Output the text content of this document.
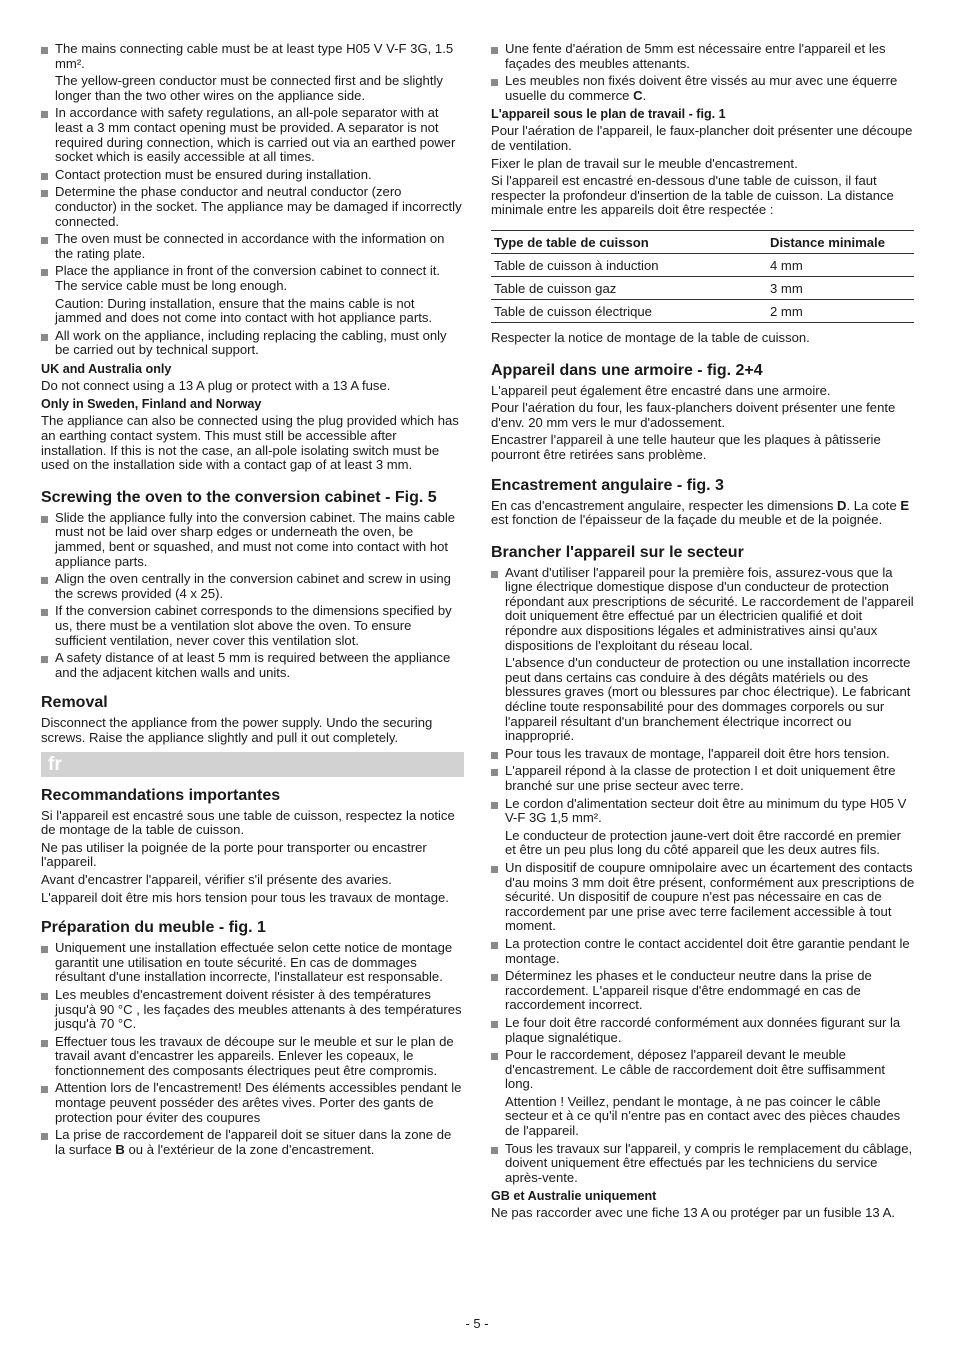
The mains connecting cable must be at least type H05 V V-F 3G, 1.5 mm².

The yellow-green conductor must be connected first and be slightly longer than the two other wires on the appliance side.

In accordance with safety regulations, an all-pole separator with at least a 3 mm contact opening must be provided. A separator is not required during connection, which is carried out via an earthed power socket which is easily accessible at all times.

Contact protection must be ensured during installation.

Determine the phase conductor and neutral conductor (zero conductor) in the socket. The appliance may be damaged if incorrectly connected.

The oven must be connected in accordance with the information on the rating plate.

Place the appliance in front of the conversion cabinet to connect it. The service cable must be long enough.

Caution: During installation, ensure that the mains cable is not jammed and does not come into contact with hot appliance parts.

All work on the appliance, including replacing the cabling, must only be carried out by technical support.

UK and Australia only

Do not connect using a 13 A plug or protect with a 13 A fuse.

Only in Sweden, Finland and Norway

The appliance can also be connected using the plug provided which has an earthing contact system. This must still be accessible after installation. If this is not the case, an all-pole isolating switch must be used on the installation side with a contact gap of at least 3 mm.

Screwing the oven to the conversion cabinet - Fig. 5

Slide the appliance fully into the conversion cabinet. The mains cable must not be laid over sharp edges or underneath the oven, be jammed, bent or squashed, and must not come into contact with hot appliance parts.

Align the oven centrally in the conversion cabinet and screw in using the screws provided (4 x 25).

If the conversion cabinet corresponds to the dimensions specified by us, there must be a ventilation slot above the oven. To ensure sufficient ventilation, never cover this ventilation slot.

A safety distance of at least 5 mm is required between the appliance and the adjacent kitchen walls and units.

Removal

Disconnect the appliance from the power supply. Undo the securing screws. Raise the appliance slightly and pull it out completely.

fr
Recommandations importantes

Si l'appareil est encastré sous une table de cuisson, respectez la notice de montage de la table de cuisson.

Ne pas utiliser la poignée de la porte pour transporter ou encastrer l'appareil.

Avant d'encastrer l'appareil, vérifier s'il présente des avaries.

L'appareil doit être mis hors tension pour tous les travaux de montage.

Préparation du meuble - fig. 1

Uniquement une installation effectuée selon cette notice de montage garantit une utilisation en toute sécurité. En cas de dommages résultant d'une installation incorrecte, l'installateur est responsable.

Les meubles d'encastrement doivent résister à des températures jusqu'à 90 °C , les façades des meubles attenants à des températures jusqu'à 70 °C.

Effectuer tous les travaux de découpe sur le meuble et sur le plan de travail avant d'encastrer les appareils. Enlever les copeaux, le fonctionnement des composants électriques peut être compromis.

Attention lors de l'encastrement! Des éléments accessibles pendant le montage peuvent posséder des arêtes vives. Porter des gants de protection pour éviter des coupures

La prise de raccordement de l'appareil doit se situer dans la zone de la surface B ou à l'extérieur de la zone d'encastrement.

Une fente d'aération de 5mm est nécessaire entre l'appareil et les façades des meubles attenants.

Les meubles non fixés doivent être vissés au mur avec une équerre usuelle du commerce C.

L'appareil sous le plan de travail - fig. 1

Pour l'aération de l'appareil, le faux-plancher doit présenter une découpe de ventilation.

Fixer le plan de travail sur le meuble d'encastrement.

Si l'appareil est encastré en-dessous d'une table de cuisson, il faut respecter la profondeur d'insertion de la table de cuisson. La distance minimale entre les appareils doit être respectée :

Type de table de cuisson	Distance minimale
Table de cuisson à induction	4 mm
Table de cuisson gaz	3 mm
Table de cuisson électrique	2 mm

Respecter la notice de montage de la table de cuisson.

Appareil dans une armoire - fig. 2+4

L'appareil peut également être encastré dans une armoire.

Pour l'aération du four, les faux-planchers doivent présenter une fente d'env. 20 mm vers le mur d'adossement.

Encastrer l'appareil à une telle hauteur que les plaques à pâtisserie pourront être retirées sans problème.

Encastrement angulaire - fig. 3

En cas d'encastrement angulaire, respecter les dimensions D. La cote E est fonction de l'épaisseur de la façade du meuble et de la poignée.

Brancher l'appareil sur le secteur

Avant d'utiliser l'appareil pour la première fois, assurez-vous que la ligne électrique domestique dispose d'un conducteur de protection répondant aux prescriptions de sécurité. Le raccordement de l'appareil doit uniquement être effectué par un électricien qualifié et doit répondre aux dispositions légales et administratives ainsi qu'aux dispositions de l'exploitant du réseau local.

L'absence d'un conducteur de protection ou une installation incorrecte peut dans certains cas conduire à des dégâts matériels ou des blessures graves (mort ou blessures par choc électrique). Le fabricant décline toute responsabilité pour des dommages corporels ou sur l'appareil résultant d'un branchement électrique incorrect ou inapproprié.

Pour tous les travaux de montage, l'appareil doit être hors tension.

L'appareil répond à la classe de protection I et doit uniquement être branché sur une prise secteur avec terre.

Le cordon d'alimentation secteur doit être au minimum du type H05 V V-F 3G 1,5 mm².

Le conducteur de protection jaune-vert doit être raccordé en premier et être un peu plus long du côté appareil que les deux autres fils.

Un dispositif de coupure omnipolaire avec un écartement des contacts d'au moins 3 mm doit être présent, conformément aux prescriptions de sécurité. Un dispositif de coupure n'est pas nécessaire en cas de raccordement par une prise avec terre facilement accessible à tout moment.

La protection contre le contact accidentel doit être garantie pendant le montage.

Déterminez les phases et le conducteur neutre dans la prise de raccordement. L'appareil risque d'être endommagé en cas de raccordement incorrect.

Le four doit être raccordé conformément aux données figurant sur la plaque signalétique.

Pour le raccordement, déposez l'appareil devant le meuble d'encastrement. Le câble de raccordement doit être suffisamment long.

Attention ! Veillez, pendant le montage, à ne pas coincer le câble secteur et à ce qu'il n'entre pas en contact avec des pièces chaudes de l'appareil.

Tous les travaux sur l'appareil, y compris le remplacement du câblage, doivent uniquement être effectués par les techniciens du service après-vente.

GB et Australie uniquement

Ne pas raccorder avec une fiche 13 A ou protéger par un fusible 13 A.

- 5 -
